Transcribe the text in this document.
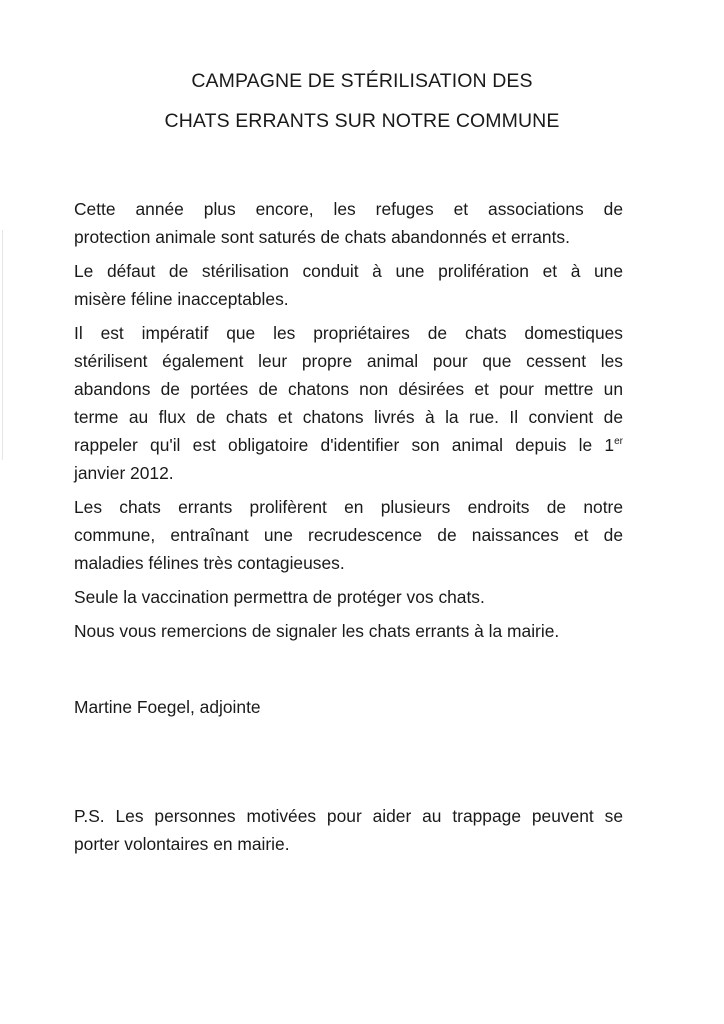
CAMPAGNE DE STÉRILISATION DES
CHATS ERRANTS SUR NOTRE COMMUNE

Cette année plus encore, les refuges et associations de
protection animale sont saturés de chats abandonnés et errants.

Le défaut de stérilisation conduit à une prolifération et à une
misère féline inacceptables.

Il est impératif que les propriétaires de chats domestiques
stérilisent également leur propre animal pour que cessent les
abandons de portées de chatons non désirées et pour mettre un
terme au flux de chats et chatons livrés à la rue. Il convient de
rappeler qu'il est obligatoire d'identifier son animal depuis le 1er
janvier 2012.

Les chats errants prolifèrent en plusieurs endroits de notre
commune, entraînant une recrudescence de naissances et de
maladies félines très contagieuses.

Seule la vaccination permettra de protéger vos chats.

Nous vous remercions de signaler les chats errants à la mairie.

Martine Foegel, adjointe
P.S. Les personnes motivées pour aider au trappage peuvent se
porter volontaires en mairie.
